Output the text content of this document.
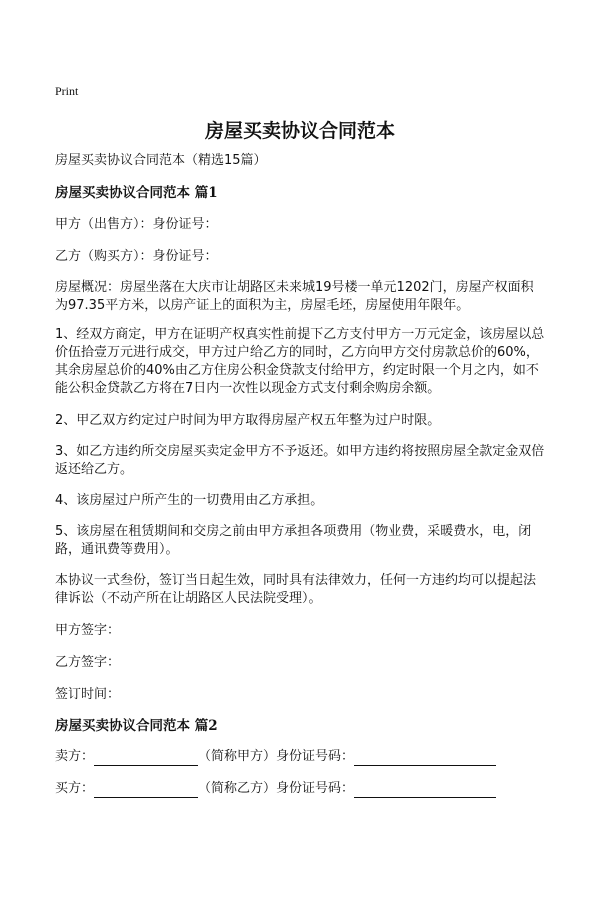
Print
房屋买卖协议合同范本
房屋买卖协议合同范本（精选15篇）
房屋买卖协议合同范本 篇1
甲方（出售方）：身份证号：
乙方（购买方）：身份证号：
房屋概况：房屋坐落在大庆市让胡路区未来城19号楼一单元1202门，房屋产权面积为97.35平方米，以房产证上的面积为主，房屋毛坯，房屋使用年限年。
1、经双方商定，甲方在证明产权真实性前提下乙方支付甲方一万元定金，该房屋以总价伍拾壹万元进行成交，甲方过户给乙方的同时，乙方向甲方交付房款总价的60%，其余房屋总价的40%由乙方住房公积金贷款支付给甲方，约定时限一个月之内，如不能公积金贷款乙方将在7日内一次性以现金方式支付剩余购房余额。
2、甲乙双方约定过户时间为甲方取得房屋产权五年整为过户时限。
3、如乙方违约所交房屋买卖定金甲方不予返还。如甲方违约将按照房屋全款定金双倍返还给乙方。
4、该房屋过户所产生的一切费用由乙方承担。
5、该房屋在租赁期间和交房之前由甲方承担各项费用（物业费，采暖费水，电，闭路，通讯费等费用）。
本协议一式叁份，签订当日起生效，同时具有法律效力，任何一方违约均可以提起法律诉讼（不动产所在让胡路区人民法院受理）。
甲方签字：
乙方签字：
签订时间：
房屋买卖协议合同范本 篇2
卖方：	（简称甲方）身份证号码：
买方：	（简称乙方）身份证号码：
